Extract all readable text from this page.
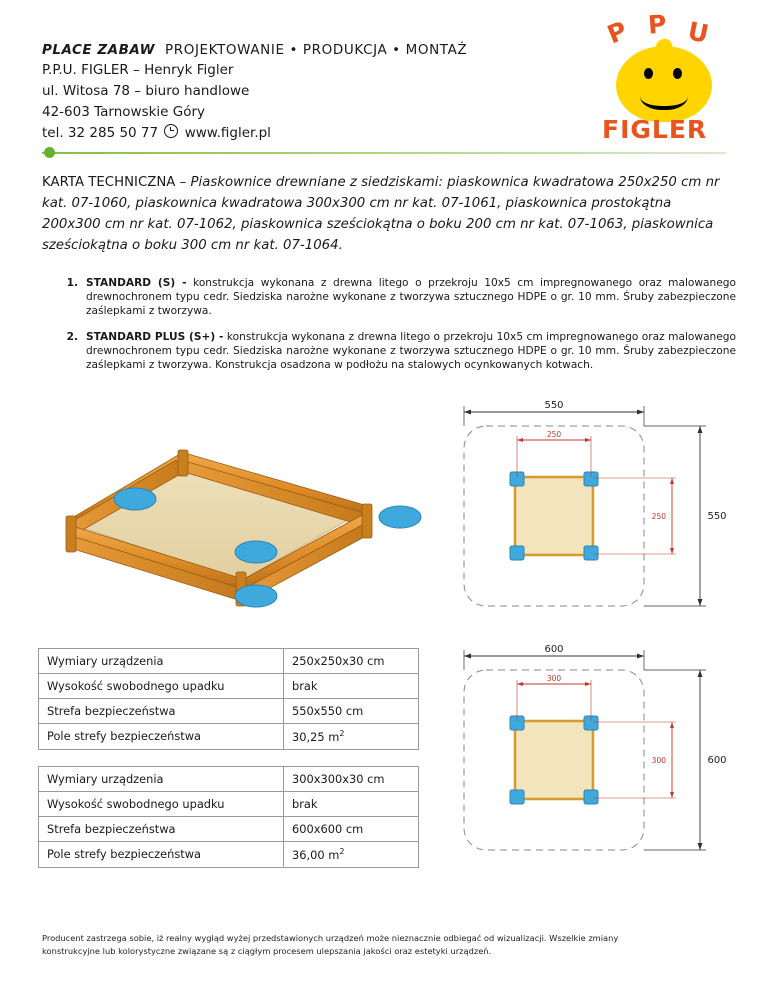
PLACE ZABAW PROJEKTOWANIE • PRODUKCJA • MONTAŻ
P.P.U. FIGLER – Henryk Figler
ul. Witosa 78 – biuro handlowe
42-603 Tarnowskie Góry
tel. 32 285 50 77 www.figler.pl
P P U
FIGLER
KARTA TECHNICZNA – Piaskownice drewniane z siedziskami: piaskownica kwadratowa 250x250 cm nr kat. 07-1060, piaskownica kwadratowa 300x300 cm nr kat. 07-1061, piaskownica prostokątna 200x300 cm nr kat. 07-1062, piaskownica sześciokątna o boku 200 cm nr kat. 07-1063, piaskownica sześciokątna o boku 300 cm nr kat. 07-1064.
1. STANDARD (S) - konstrukcja wykonana z drewna litego o przekroju 10x5 cm impregnowanego oraz malowanego drewnochronem typu cedr. Siedziska narożne wykonane z tworzywa sztucznego HDPE o gr. 10 mm. Śruby zabezpieczone zaślepkami z tworzywa.
2. STANDARD PLUS (S+) - konstrukcja wykonana z drewna litego o przekroju 10x5 cm impregnowanego oraz malowanego drewnochronem typu cedr. Siedziska narożne wykonane z tworzywa sztucznego HDPE o gr. 10 mm. Śruby zabezpieczone zaślepkami z tworzywa. Konstrukcja osadzona w podłożu na stalowych ocynkowanych kotwach.
Wymiary urządzenia	250x250x30 cm
Wysokość swobodnego upadku	brak
Strefa bezpieczeństwa	550x550 cm
Pole strefy bezpieczeństwa	30,25 $m^2$
Wymiary urządzenia	300x300x30 cm
Wysokość swobodnego upadku	brak
Strefa bezpieczeństwa	600x600 cm
Pole strefy bezpieczeństwa	36,00 $m^2$
550
250
250	550
600
300
300	600
Producent zastrzega sobie, iż realny wygląd wyżej przedstawionych urządzeń może nieznacznie odbiegać od wizualizacji. Wszelkie zmiany
konstrukcyjne lub kolorystyczne związane są z ciągłym procesem ulepszania jakości oraz estetyki urządzeń.
